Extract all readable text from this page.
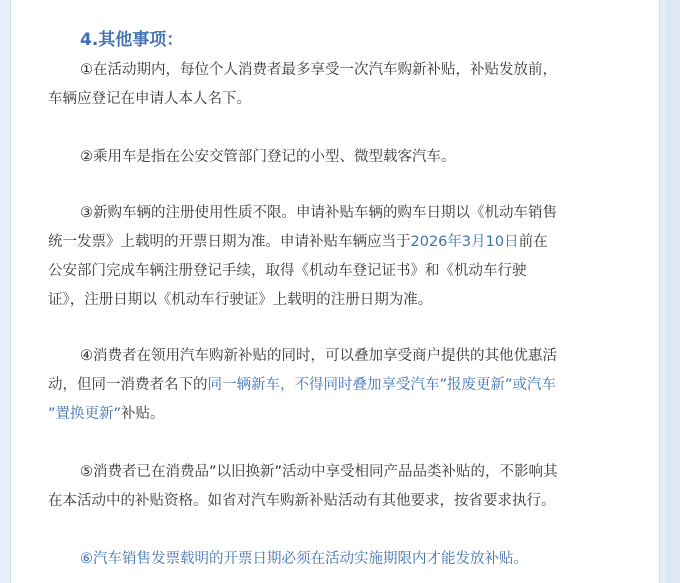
4.其他事项：

①在活动期内，每位个人消费者最多享受一次汽车购新补贴，补贴发放前，
车辆应登记在申请人本人名下。

②乘用车是指在公安交管部门登记的小型、微型载客汽车。

③新购车辆的注册使用性质不限。申请补贴车辆的购车日期以《机动车销售
统一发票》上载明的开票日期为准。申请补贴车辆应当于2026年3月10日前在
公安部门完成车辆注册登记手续，取得《机动车登记证书》和《机动车行驶
证》，注册日期以《机动车行驶证》上载明的注册日期为准。

④消费者在领用汽车购新补贴的同时，可以叠加享受商户提供的其他优惠活
动，但同一消费者名下的同一辆新车，不得同时叠加享受汽车”报废更新”或汽车
”置换更新”补贴。

⑤消费者已在消费品”以旧换新”活动中享受相同产品品类补贴的，不影响其
在本活动中的补贴资格。如省对汽车购新补贴活动有其他要求，按省要求执行。

⑥汽车销售发票载明的开票日期必须在活动实施期限内才能发放补贴。
